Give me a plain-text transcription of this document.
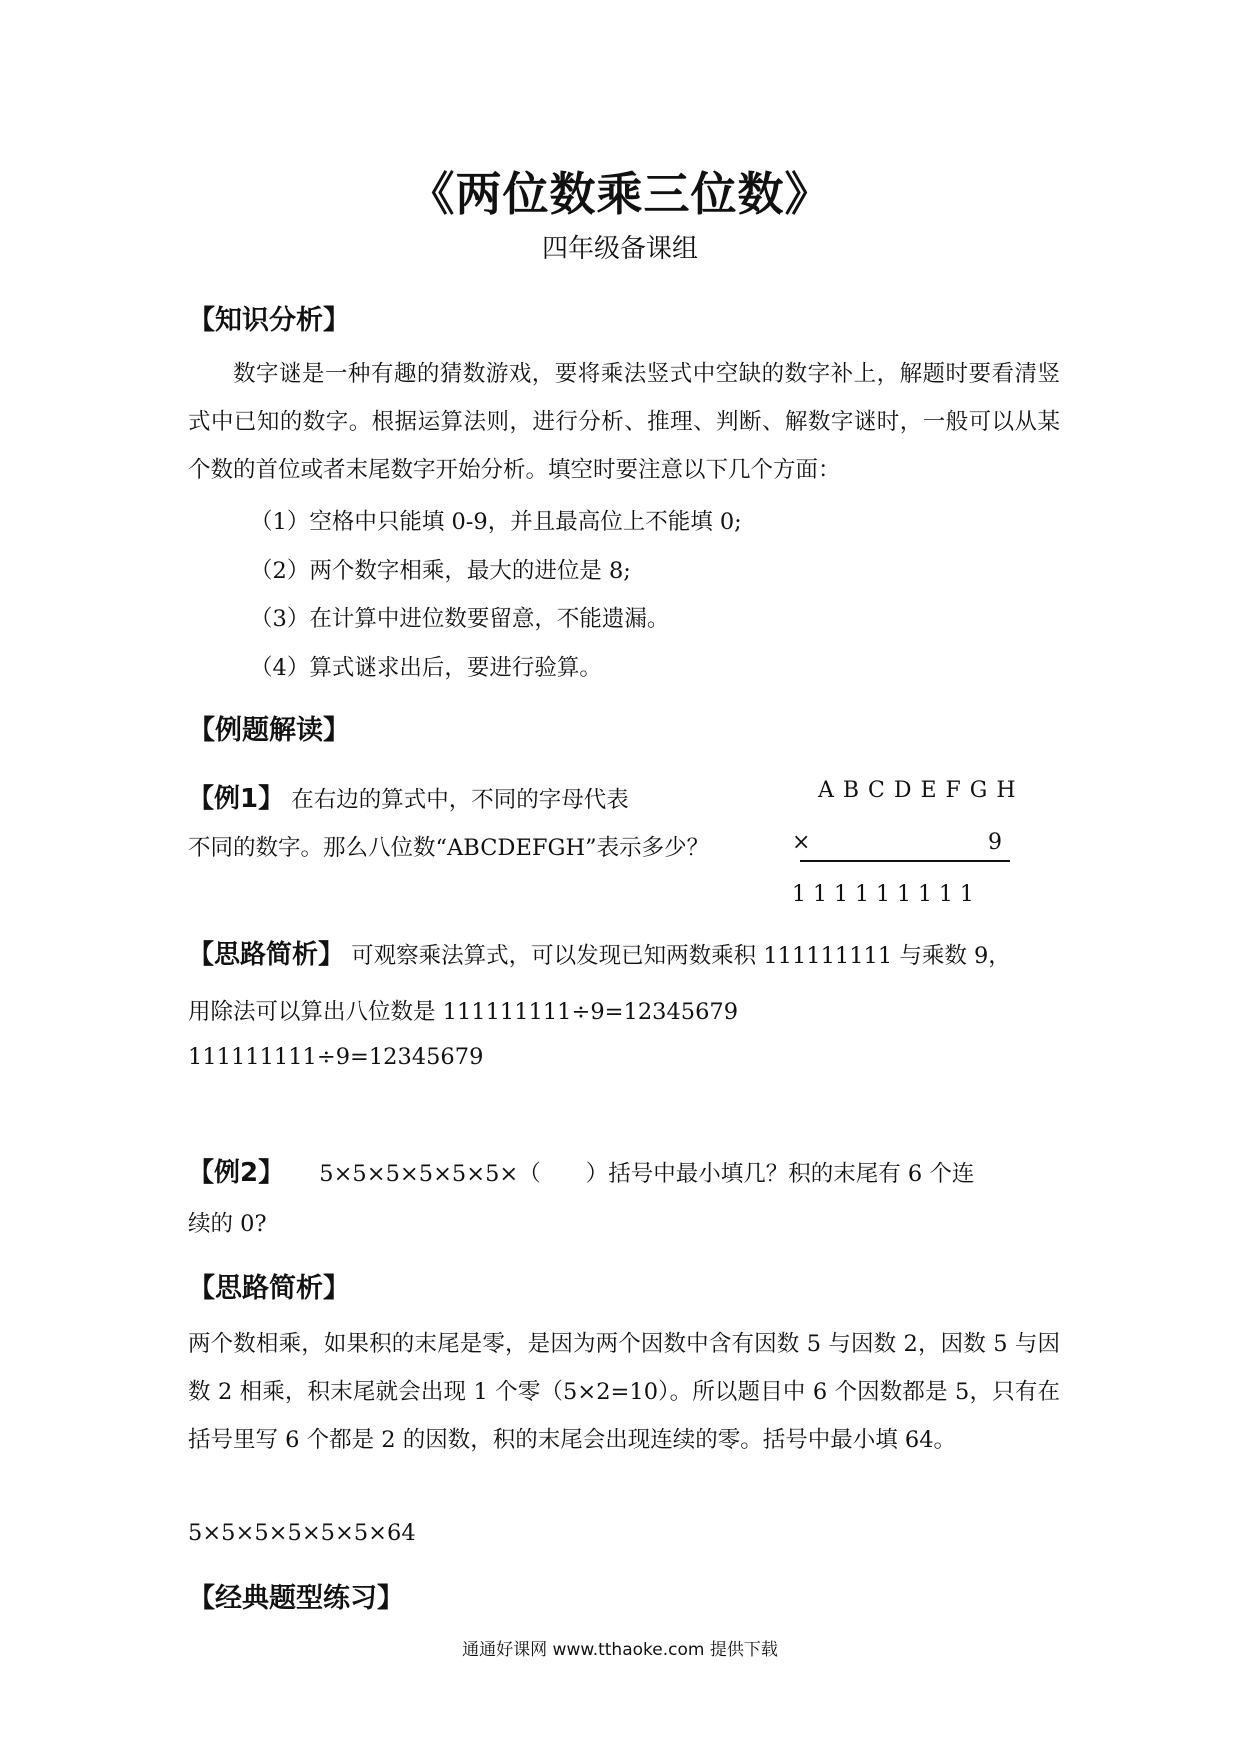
《两位数乘三位数》
四年级备课组
【知识分析】

数字谜是一种有趣的猜数游戏，要将乘法竖式中空缺的数字补上，解题时要看清竖式中已知的数字。根据运算法则，进行分析、推理、判断、解数字谜时，一般可以从某个数的首位或者末尾数字开始分析。填空时要注意以下几个方面：

（1）空格中只能填 0-9，并且最高位上不能填 0;
（2）两个数字相乘，最大的进位是 8;
（3）在计算中进位数要留意，不能遗漏。
（4）算式谜求出后，要进行验算。
【例题解读】
【例1】 在右边的算式中，不同的字母代表
不同的数字。那么八位数“ABCDEFGH”表示多少？
A B C D E F G H
×	9
1 1 1 1 1 1 1 1 1
【思路简析】 可观察乘法算式，可以发现已知两数乘积 111111111 与乘数 9，
用除法可以算出八位数是 111111111÷9=12345679
111111111÷9=12345679
【例2】 5×5×5×5×5×5×（　　）括号中最小填几？积的末尾有 6 个连
续的 0?
【思路简析】

两个数相乘，如果积的末尾是零，是因为两个因数中含有因数 5 与因数 2，因数 5 与因数 2 相乘，积末尾就会出现 1 个零（5×2=10）。所以题目中 6 个因数都是 5，只有在括号里写 6 个都是 2 的因数，积的末尾会出现连续的零。括号中最小填 64。

5×5×5×5×5×5×64
【经典题型练习】
通通好课网 www.tthaoke.com 提供下载
